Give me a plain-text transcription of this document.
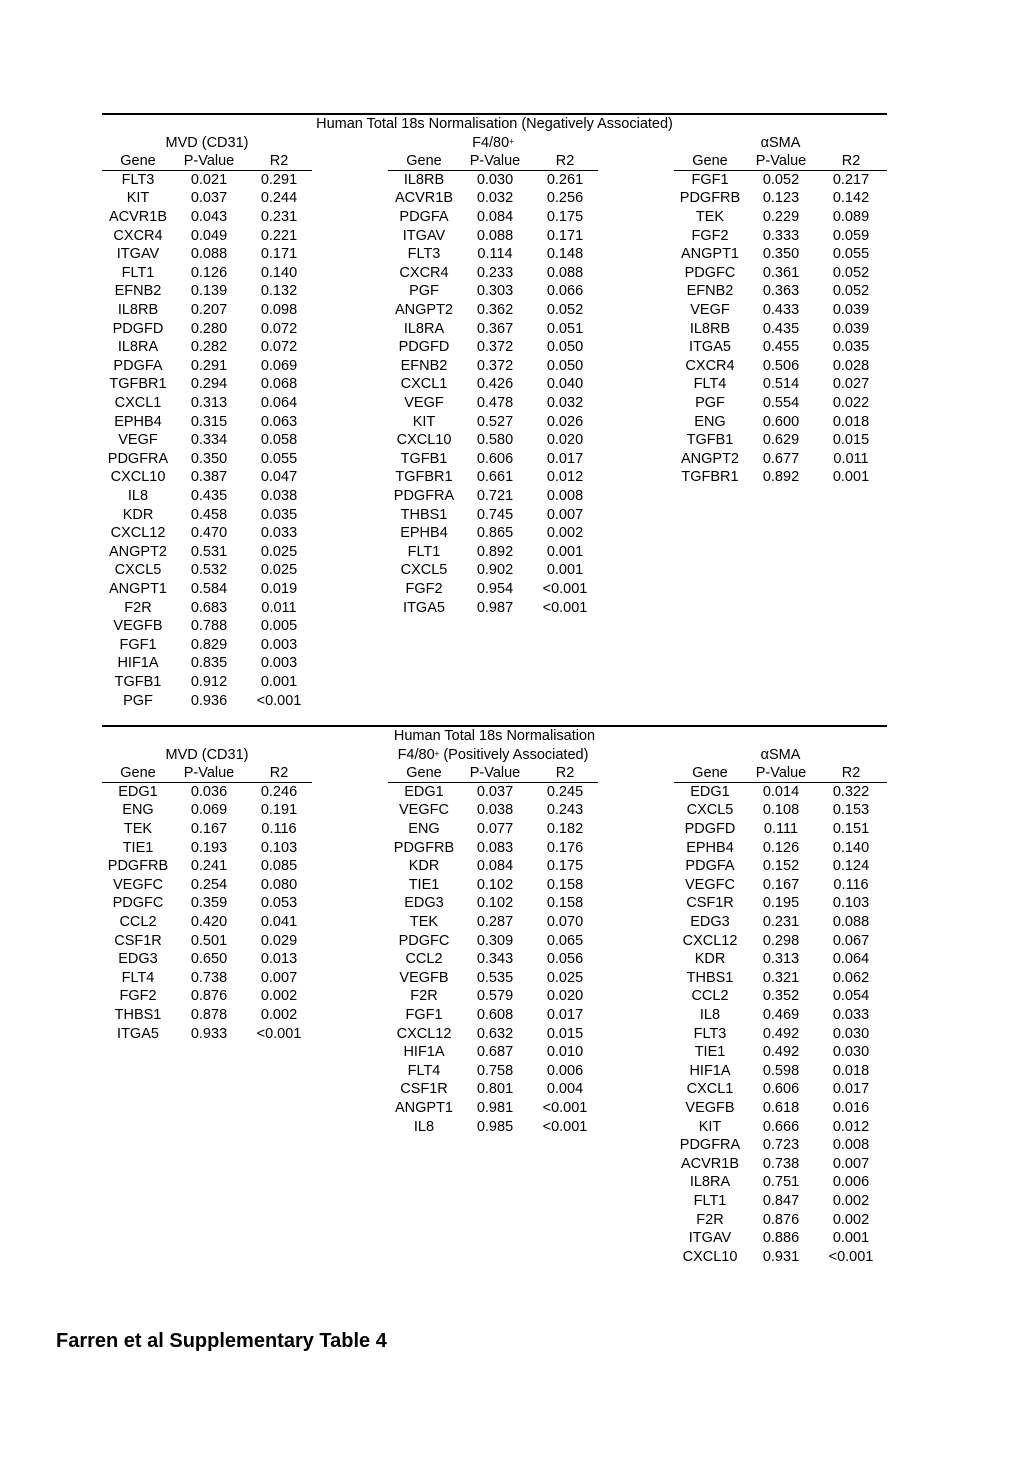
Human Total 18s Normalisation (Negatively Associated)
MVD (CD31)
Gene	P-Value	R2
FLT3	0.021	0.291
KIT	0.037	0.244
ACVR1B	0.043	0.231
CXCR4	0.049	0.221
ITGAV	0.088	0.171
FLT1	0.126	0.140
EFNB2	0.139	0.132
IL8RB	0.207	0.098
PDGFD	0.280	0.072
IL8RA	0.282	0.072
PDGFA	0.291	0.069
TGFBR1	0.294	0.068
CXCL1	0.313	0.064
EPHB4	0.315	0.063
VEGF	0.334	0.058
PDGFRA	0.350	0.055
CXCL10	0.387	0.047
IL8	0.435	0.038
KDR	0.458	0.035
CXCL12	0.470	0.033
ANGPT2	0.531	0.025
CXCL5	0.532	0.025
ANGPT1	0.584	0.019
F2R	0.683	0.011
VEGFB	0.788	0.005
FGF1	0.829	0.003
HIF1A	0.835	0.003
TGFB1	0.912	0.001
PGF	0.936	<0.001
F4/80+
Gene	P-Value	R2
IL8RB	0.030	0.261
ACVR1B	0.032	0.256
PDGFA	0.084	0.175
ITGAV	0.088	0.171
FLT3	0.114	0.148
CXCR4	0.233	0.088
PGF	0.303	0.066
ANGPT2	0.362	0.052
IL8RA	0.367	0.051
PDGFD	0.372	0.050
EFNB2	0.372	0.050
CXCL1	0.426	0.040
VEGF	0.478	0.032
KIT	0.527	0.026
CXCL10	0.580	0.020
TGFB1	0.606	0.017
TGFBR1	0.661	0.012
PDGFRA	0.721	0.008
THBS1	0.745	0.007
EPHB4	0.865	0.002
FLT1	0.892	0.001
CXCL5	0.902	0.001
FGF2	0.954	<0.001
ITGA5	0.987	<0.001
αSMA
Gene	P-Value	R2
FGF1	0.052	0.217
PDGFRB	0.123	0.142
TEK	0.229	0.089
FGF2	0.333	0.059
ANGPT1	0.350	0.055
PDGFC	0.361	0.052
EFNB2	0.363	0.052
VEGF	0.433	0.039
IL8RB	0.435	0.039
ITGA5	0.455	0.035
CXCR4	0.506	0.028
FLT4	0.514	0.027
PGF	0.554	0.022
ENG	0.600	0.018
TGFB1	0.629	0.015
ANGPT2	0.677	0.011
TGFBR1	0.892	0.001
Human Total 18s Normalisation
MVD (CD31)
Gene	P-Value	R2
EDG1	0.036	0.246
ENG	0.069	0.191
TEK	0.167	0.116
TIE1	0.193	0.103
PDGFRB	0.241	0.085
VEGFC	0.254	0.080
PDGFC	0.359	0.053
CCL2	0.420	0.041
CSF1R	0.501	0.029
EDG3	0.650	0.013
FLT4	0.738	0.007
FGF2	0.876	0.002
THBS1	0.878	0.002
ITGA5	0.933	<0.001
F4/80+ (Positively Associated)
Gene	P-Value	R2
EDG1	0.037	0.245
VEGFC	0.038	0.243
ENG	0.077	0.182
PDGFRB	0.083	0.176
KDR	0.084	0.175
TIE1	0.102	0.158
EDG3	0.102	0.158
TEK	0.287	0.070
PDGFC	0.309	0.065
CCL2	0.343	0.056
VEGFB	0.535	0.025
F2R	0.579	0.020
FGF1	0.608	0.017
CXCL12	0.632	0.015
HIF1A	0.687	0.010
FLT4	0.758	0.006
CSF1R	0.801	0.004
ANGPT1	0.981	<0.001
IL8	0.985	<0.001
αSMA
Gene	P-Value	R2
EDG1	0.014	0.322
CXCL5	0.108	0.153
PDGFD	0.111	0.151
EPHB4	0.126	0.140
PDGFA	0.152	0.124
VEGFC	0.167	0.116
CSF1R	0.195	0.103
EDG3	0.231	0.088
CXCL12	0.298	0.067
KDR	0.313	0.064
THBS1	0.321	0.062
CCL2	0.352	0.054
IL8	0.469	0.033
FLT3	0.492	0.030
TIE1	0.492	0.030
HIF1A	0.598	0.018
CXCL1	0.606	0.017
VEGFB	0.618	0.016
KIT	0.666	0.012
PDGFRA	0.723	0.008
ACVR1B	0.738	0.007
IL8RA	0.751	0.006
FLT1	0.847	0.002
F2R	0.876	0.002
ITGAV	0.886	0.001
CXCL10	0.931	<0.001
Farren et al Supplementary Table 4
